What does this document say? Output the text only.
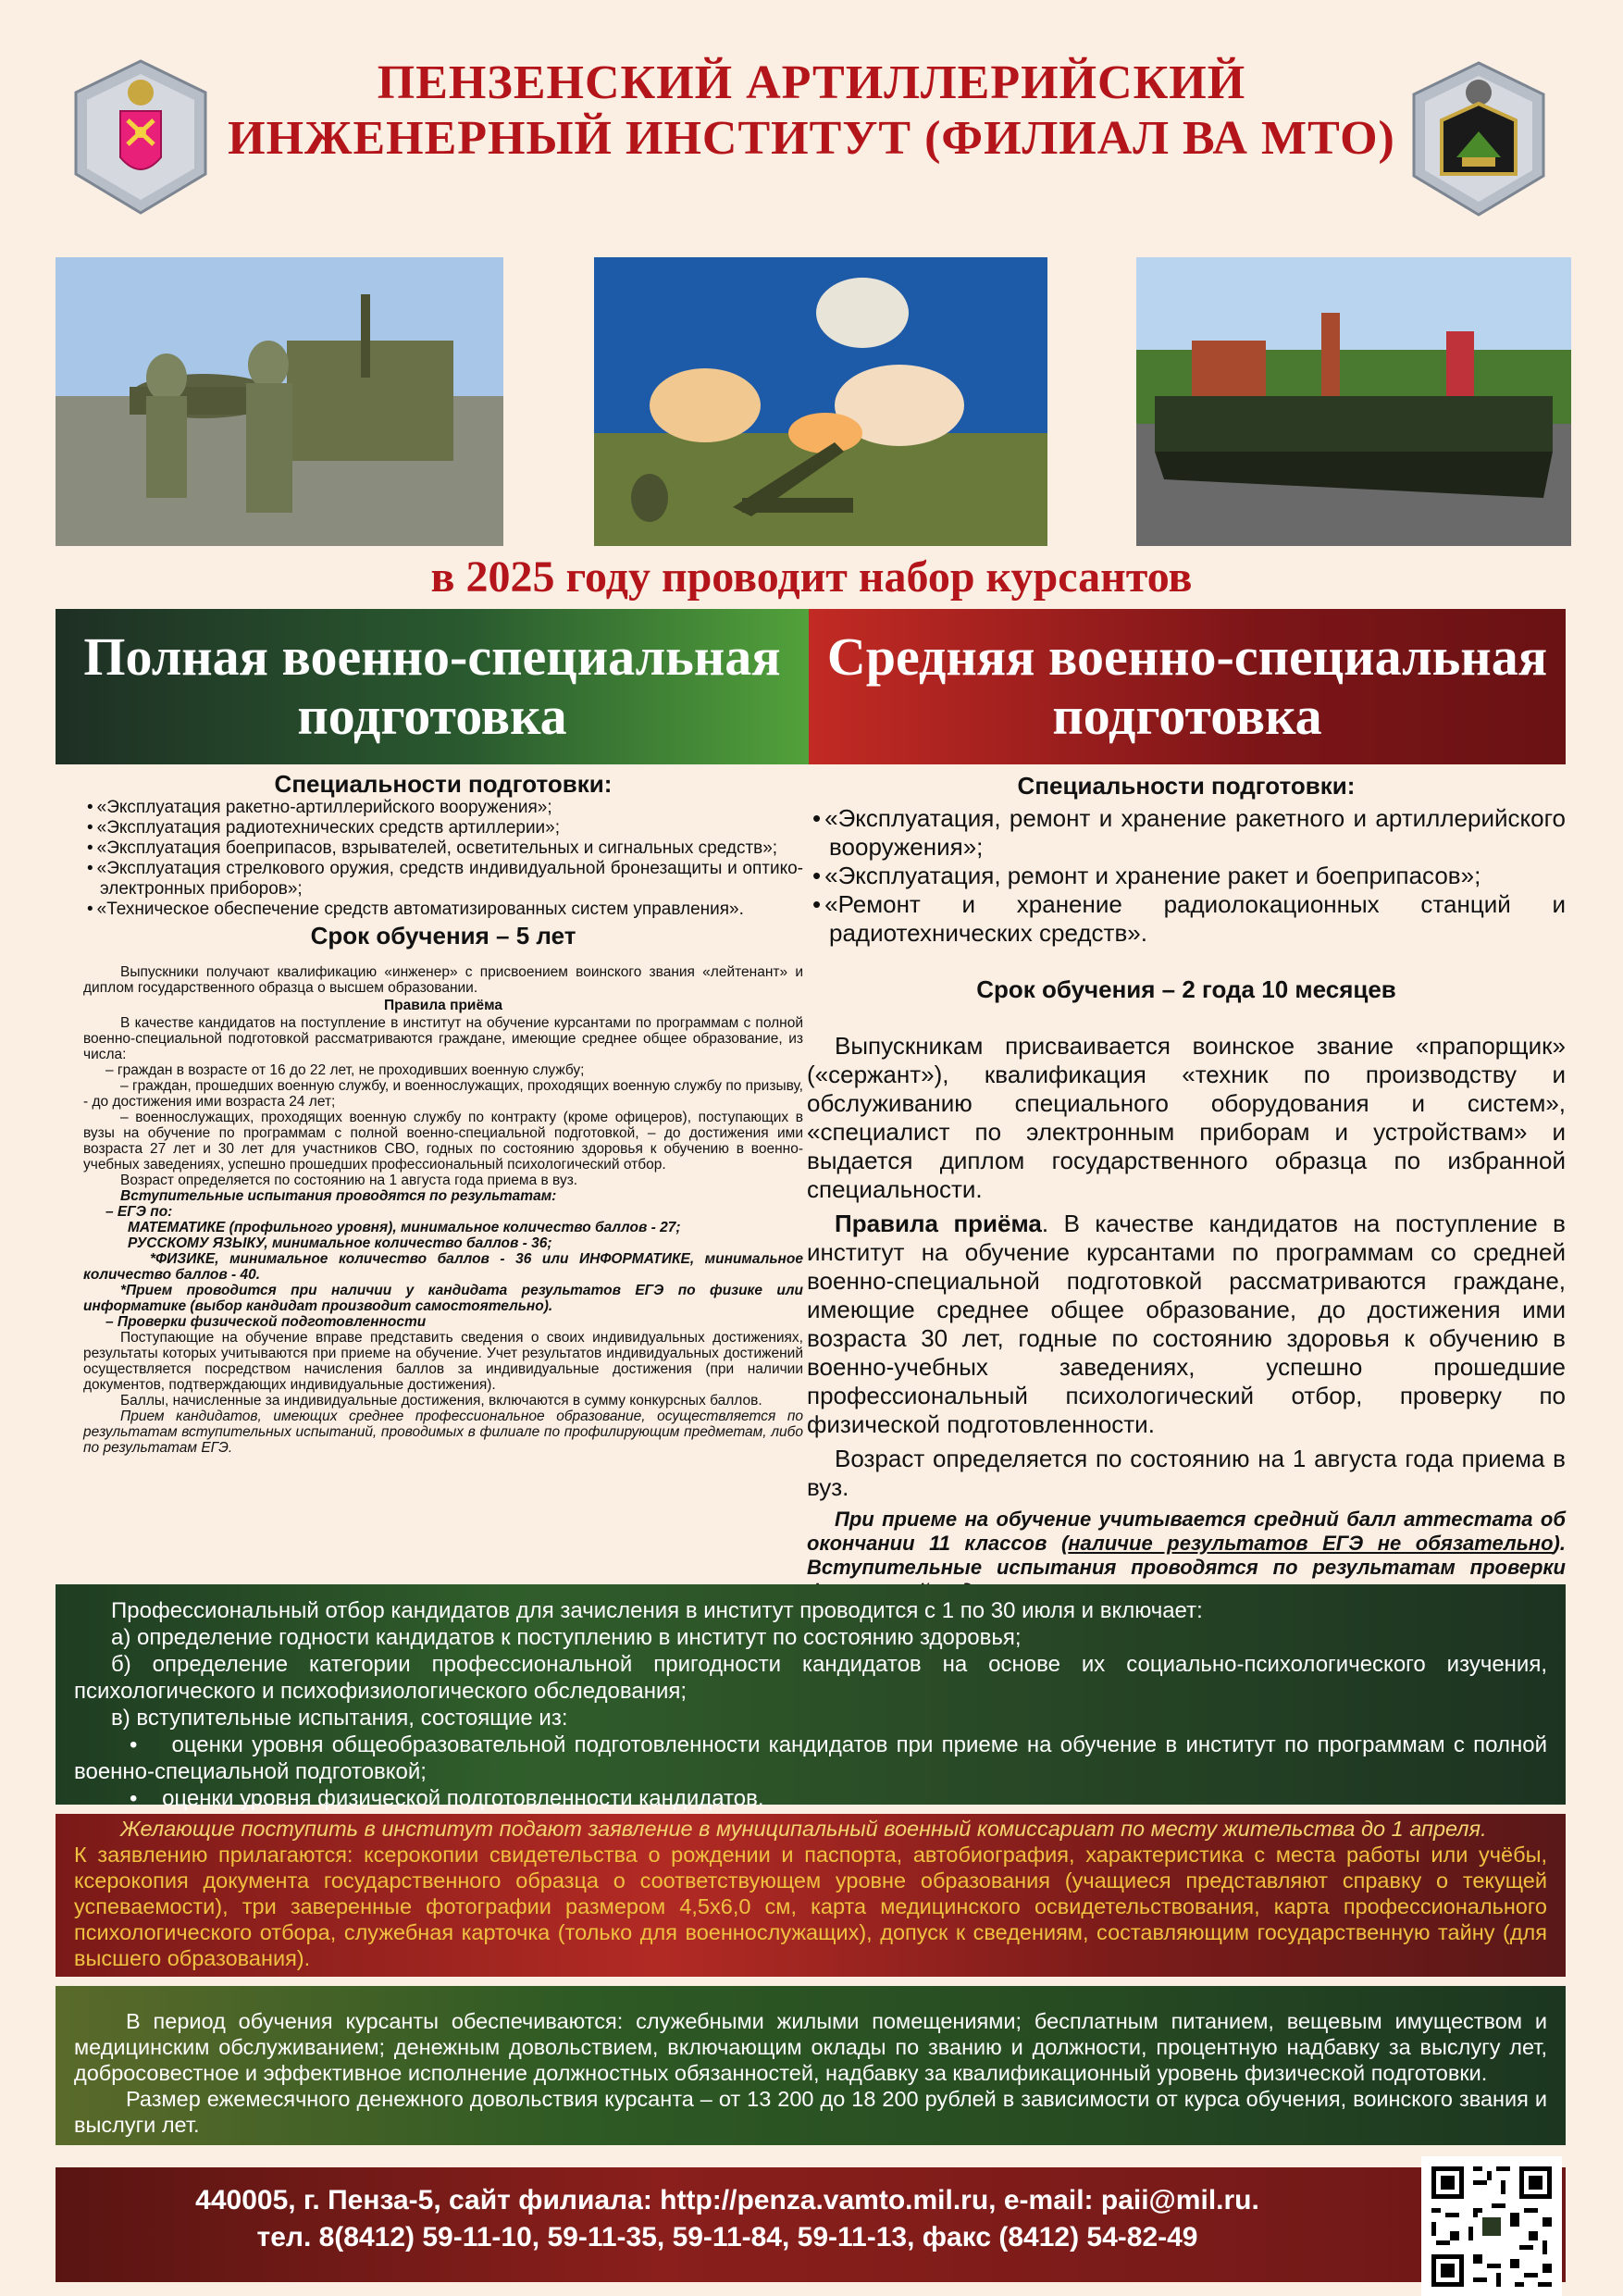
ПЕНЗЕНСКИЙ АРТИЛЛЕРИЙСКИЙ
ИНЖЕНЕРНЫЙ ИНСТИТУТ (ФИЛИАЛ ВА МТО)
в 2025 году проводит набор курсантов
Полная военно-специальная
подготовка
Средняя военно-специальная
подготовка
Специальности подготовки:
• «Эксплуатация ракетно-артиллерийского вооружения»;
• «Эксплуатация радиотехнических средств артиллерии»;
• «Эксплуатация боеприпасов, взрывателей, осветительных и сигнальных средств»;
• «Эксплуатация стрелкового оружия, средств индивидуальной бронезащиты и оптико-электронных приборов»;
• «Техническое обеспечение средств автоматизированных систем управления».
Срок обучения – 5 лет

Выпускники получают квалификацию «инженер» с присвоением воинского звания «лейтенант» и диплом государственного образца о высшем образовании.

Правила приёма

В качестве кандидатов на поступление в институт на обучение курсантами по программам с полной военно-специальной подготовкой рассматриваются граждане, имеющие среднее общее образование, из числа:

– граждан в возрасте от 16 до 22 лет, не проходивших военную службу;

– граждан, прошедших военную службу, и военнослужащих, проходящих военную службу по призыву, - до достижения ими возраста 24 лет;

– военнослужащих, проходящих военную службу по контракту (кроме офицеров), поступающих в вузы на обучение по программам с полной военно-специальной подготовкой, – до достижения ими возраста 27 лет и 30 лет для участников СВО, годных по состоянию здоровья к обучению в военно-учебных заведениях, успешно прошедших профессиональный психологический отбор.

Возраст определяется по состоянию на 1 августа года приема в вуз.

Вступительные испытания проводятся по результатам:

– ЕГЭ по:

МАТЕМАТИКЕ (профильного уровня), минимальное количество баллов - 27;

РУССКОМУ ЯЗЫКУ, минимальное количество баллов - 36;

*ФИЗИКЕ, минимальное количество баллов - 36 или ИНФОРМАТИКЕ, минимальное количество баллов - 40.

*Прием проводится при наличии у кандидата результатов ЕГЭ по физике или информатике (выбор кандидат производит самостоятельно).

– Проверки физической подготовленности

Поступающие на обучение вправе представить сведения о своих индивидуальных достижениях, результаты которых учитываются при приеме на обучение. Учет результатов индивидуальных достижений осуществляется посредством начисления баллов за индивидуальные достижения (при наличии документов, подтверждающих индивидуальные достижения).

Баллы, начисленные за индивидуальные достижения, включаются в сумму конкурсных баллов.

Прием кандидатов, имеющих среднее профессиональное образование, осуществляется по результатам вступительных испытаний, проводимых в филиале по профилирующим предметам, либо по результатам ЕГЭ.

Специальности подготовки:
• «Эксплуатация, ремонт и хранение ракетного и артиллерийского вооружения»;
• «Эксплуатация, ремонт и хранение ракет и боеприпасов»;
• «Ремонт и хранение радиолокационных станций и радиотехнических средств».
Срок обучения – 2 года 10 месяцев

Выпускникам присваивается воинское звание «прапорщик» («сержант»), квалификация «техник по производству и обслуживанию специального оборудования и систем», «специалист по электронным приборам и устройствам» и выдается диплом государственного образца по избранной специальности.

Правила приёма. В качестве кандидатов на поступление в институт на обучение курсантами по программам со средней военно-специальной подготовкой рассматриваются граждане, имеющие среднее общее образование, до достижения ими возраста 30 лет, годные по состоянию здоровья к обучению в военно-учебных заведениях, успешно прошедшие профессиональный психологический отбор, проверку по физической подготовленности.

Возраст определяется по состоянию на 1 августа года приема в вуз.

При приеме на обучение учитывается средний балл аттестата об окончании 11 классов (наличие результатов ЕГЭ не обязательно). Вступительные испытания проводятся по результатам проверки

Профессиональный отбор кандидатов для зачисления в институт проводится с 1 по 30 июля и включает:

а) определение годности кандидатов к поступлению в институт по состоянию здоровья;

б) определение категории профессиональной пригодности кандидатов на основе их социально-психологического изучения, психологического и психофизиологического обследования;

в) вступительные испытания, состоящие из:

•    оценки уровня общеобразовательной подготовленности кандидатов при приеме на обучение в институт по программам с полной военно-специальной подготовкой;

•    оценки уровня физической подготовленности кандидатов.

Желающие поступить в институт подают заявление в муниципальный военный комиссариат по месту жительства до 1 апреля.

К заявлению прилагаются: ксерокопии свидетельства о рождении и паспорта, автобиография, характеристика с места работы или учёбы, ксерокопия документа государственного образца о соответствующем уровне образования (учащиеся представляют справку о текущей успеваемости), три заверенные фотографии размером 4,5х6,0 см, карта медицинского освидетельствования, карта профессионального психологического отбора, служебная карточка (только для военнослужащих), допуск к сведениям, составляющим государственную тайну (для высшего образования).

В период обучения курсанты обеспечиваются: служебными жилыми помещениями; бесплатным питанием, вещевым имуществом и медицинским обслуживанием; денежным довольствием, включающим оклады по званию и должности, процентную надбавку за выслугу лет, добросовестное и эффективное исполнение должностных обязанностей, надбавку за квалификационный уровень физической подготовки.

Размер ежемесячного денежного довольствия курсанта – от 13 200 до 18 200 рублей в зависимости от курса обучения, воинского звания и выслуги лет.

440005, г. Пенза-5, сайт филиала: http://penza.vamto.mil.ru, e-mail: paii@mil.ru.
тел. 8(8412) 59-11-10, 59-11-35, 59-11-84, 59-11-13, факс (8412) 54-82-49
